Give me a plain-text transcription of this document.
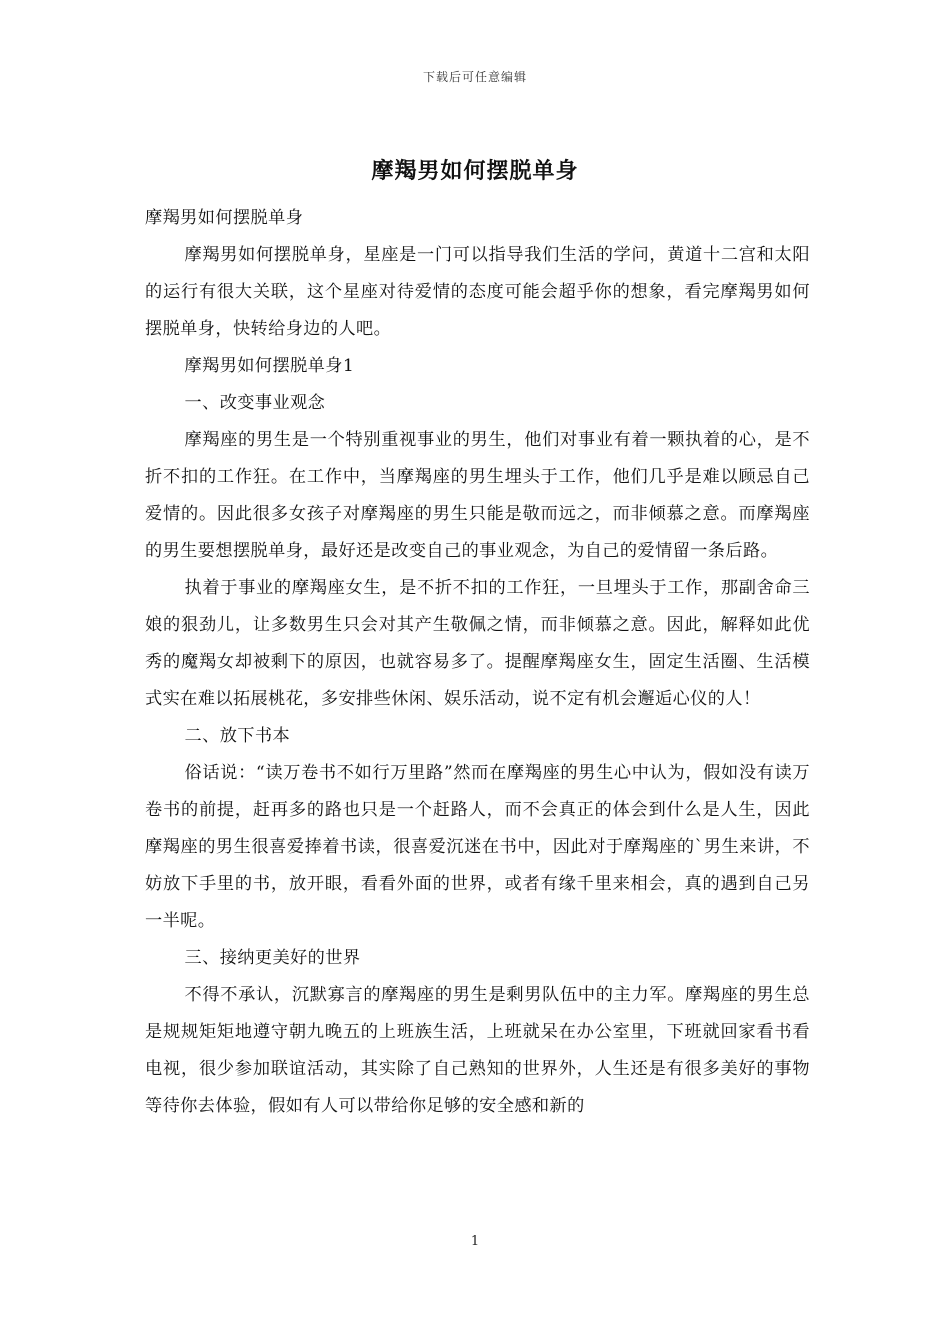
下载后可任意编辑
摩羯男如何摆脱单身

摩羯男如何摆脱单身

摩羯男如何摆脱单身，星座是一门可以指导我们生活的学问，黄道十二宫和太阳的运行有很大关联，这个星座对待爱情的态度可能会超乎你的想象，看完摩羯男如何摆脱单身，快转给身边的人吧。

摩羯男如何摆脱单身1

一、改变事业观念

摩羯座的男生是一个特别重视事业的男生，他们对事业有着一颗执着的心，是不折不扣的工作狂。在工作中，当摩羯座的男生埋头于工作，他们几乎是难以顾忌自己爱情的。因此很多女孩子对摩羯座的男生只能是敬而远之，而非倾慕之意。而摩羯座的男生要想摆脱单身，最好还是改变自己的事业观念，为自己的爱情留一条后路。

执着于事业的摩羯座女生，是不折不扣的工作狂，一旦埋头于工作，那副舍命三娘的狠劲儿，让多数男生只会对其产生敬佩之情，而非倾慕之意。因此，解释如此优秀的魔羯女却被剩下的原因，也就容易多了。提醒摩羯座女生，固定生活圈、生活模式实在难以拓展桃花，多安排些休闲、娱乐活动，说不定有机会邂逅心仪的人！

二、放下书本

俗话说：“读万卷书不如行万里路”然而在摩羯座的男生心中认为，假如没有读万卷书的前提，赶再多的路也只是一个赶路人，而不会真正的体会到什么是人生，因此摩羯座的男生很喜爱捧着书读，很喜爱沉迷在书中，因此对于摩羯座的`男生来讲，不妨放下手里的书，放开眼，看看外面的世界，或者有缘千里来相会，真的遇到自己另一半呢。

三、接纳更美好的世界

不得不承认，沉默寡言的摩羯座的男生是剩男队伍中的主力军。摩羯座的男生总是规规矩矩地遵守朝九晚五的上班族生活，上班就呆在办公室里，下班就回家看书看电视，很少参加联谊活动，其实除了自己熟知的世界外，人生还是有很多美好的事物等待你去体验，假如有人可以带给你足够的安全感和新的

1
